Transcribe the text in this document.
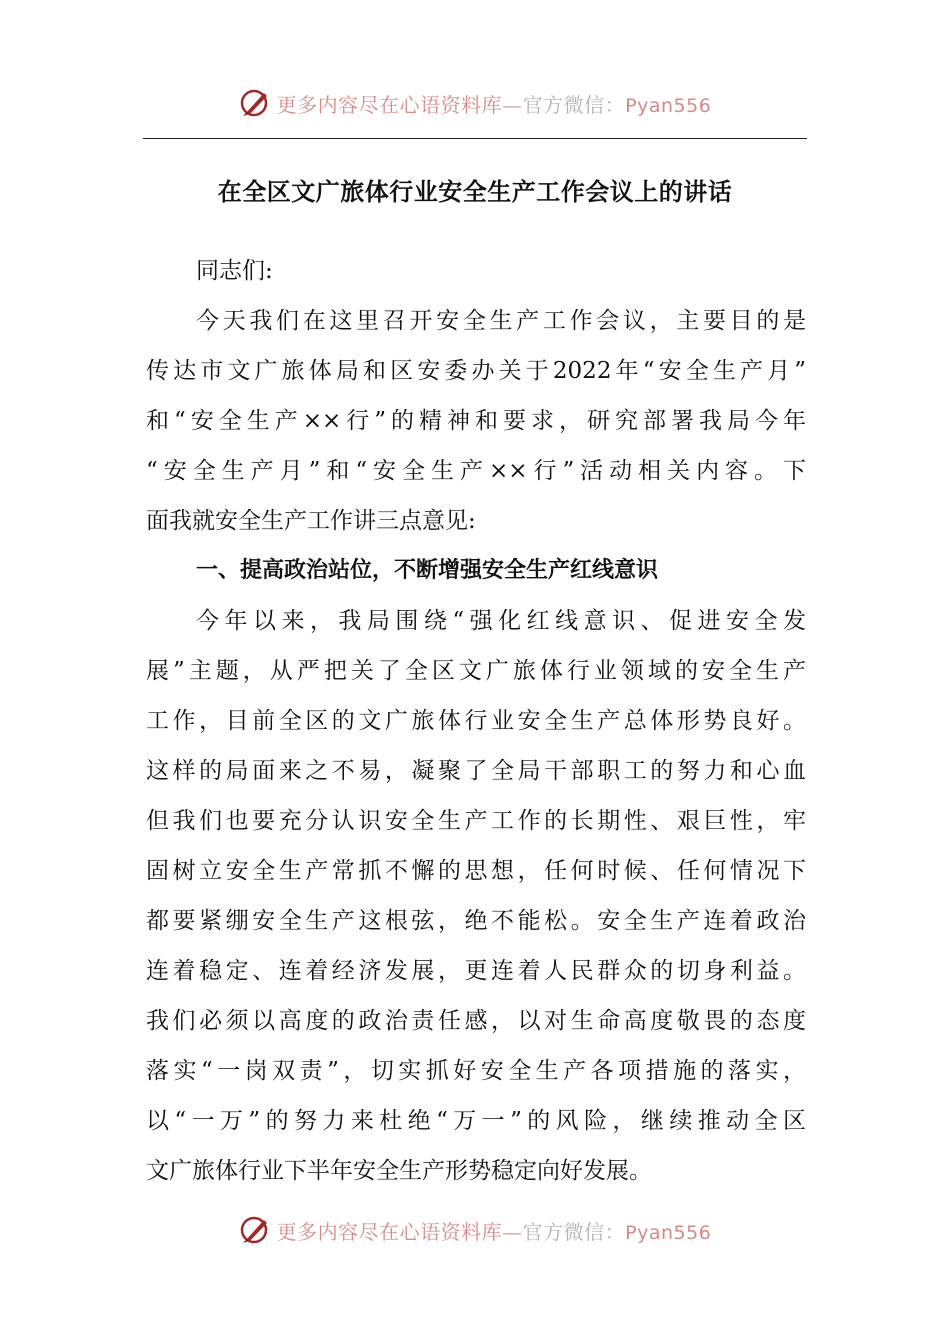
更多内容尽在心语资料库—官方微信：Pyan556
在全区文广旅体行业安全生产工作会议上的讲话
同志们:
今天我们在这里召开安全生产工作会议，主要目的是
传达市文广旅体局和区安委办关于2022年“安全生产月”
和“安全生产××行”的精神和要求，研究部署我局今年
“安全生产月”和“安全生产××行”活动相关内容。下
面我就安全生产工作讲三点意见:
一、提高政治站位，不断增强安全生产红线意识
今年以来，我局围绕“强化红线意识、促进安全发
展”主题，从严把关了全区文广旅体行业领域的安全生产
工作，目前全区的文广旅体行业安全生产总体形势良好。
这样的局面来之不易，凝聚了全局干部职工的努力和心血
但我们也要充分认识安全生产工作的长期性、艰巨性，牢
固树立安全生产常抓不懈的思想，任何时候、任何情况下
都要紧绷安全生产这根弦，绝不能松。安全生产连着政治
连着稳定、连着经济发展，更连着人民群众的切身利益。
我们必须以高度的政治责任感，以对生命高度敬畏的态度
落实“一岗双责”，切实抓好安全生产各项措施的落实，
以“一万”的努力来杜绝“万一”的风险，继续推动全区
文广旅体行业下半年安全生产形势稳定向好发展。
更多内容尽在心语资料库—官方微信：Pyan556
